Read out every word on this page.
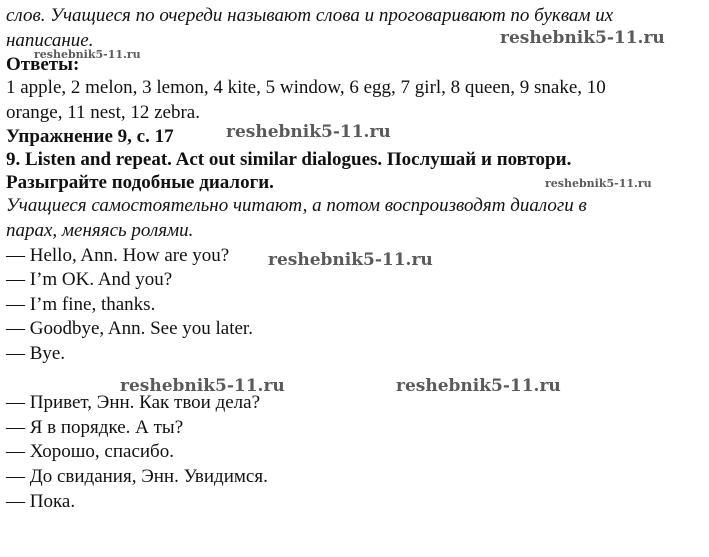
слов. Учащиеся по очереди называют слова и проговаривают по буквам их
написание.
Ответы:
1 apple, 2 melon, 3 lemon, 4 kite, 5 window, 6 egg, 7 girl, 8 queen, 9 snake, 10
orange, 11 nest, 12 zebra.
Упражнение 9, с. 17
9. Listen and repeat. Act out similar dialogues. Послушай и повтори.
Разыграйте подобные диалоги.
Учащиеся самостоятельно читают, а потом воспроизводят диалоги в
парах, меняясь ролями.
— Hello, Ann. How are you?
— I’m OK. And you?
— I’m fine, thanks.
— Goodbye, Ann. See you later.
— Bye.

— Привет, Энн. Как твои дела?
— Я в порядке. А ты?
— Хорошо, спасибо.
— До свидания, Энн. Увидимся.
— Пока.
reshebnik5-11.ru
reshebnik5-11.ru
reshebnik5-11.ru
reshebnik5-11.ru
reshebnik5-11.ru
reshebnik5-11.ru	reshebnik5-11.ru
